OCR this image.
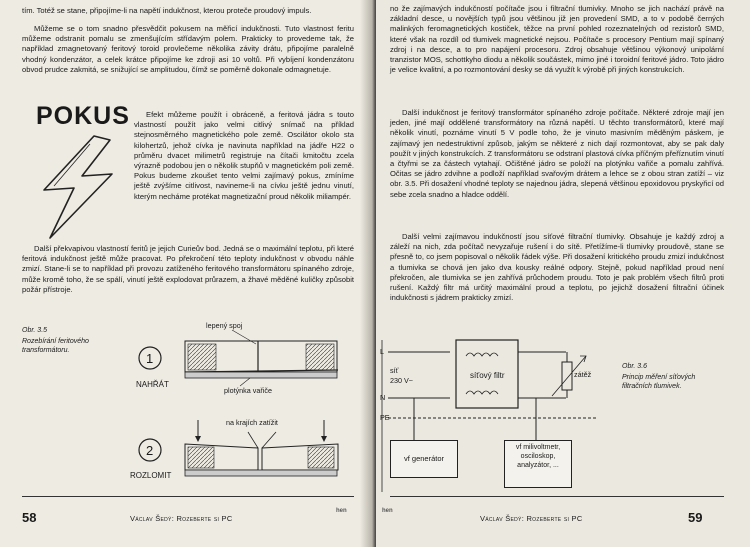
tím. Totéž se stane, připojíme-li na napětí indukčnost, kterou proteče proudový impuls.

Můžeme se o tom snadno přesvědčit pokusem na měřicí indukčnosti. Tuto vlastnost feritu můžeme odstranit pomalu se zmenšujícím střídavým polem. Prakticky to provedeme tak, že například zmagnetovaný feritový toroid provlečeme několika závity drátu, připojíme paralelně vhodný kondenzátor, a celek krátce připojíme ke zdroji asi 10 voltů. Při vybíjení kondenzátoru obvod prudce zakmitá, se snižující se amplitudou, čímž se poměrně dokonale odmagnetuje.

POKUS	Efekt můžeme použít i obráceně, a feritová jádra s touto vlastností použít jako velmi citlivý snímač na příklad stejnosměrného magnetického pole země. Oscilátor okolo sta kilohertzů, jehož cívka je navinuta například na jádře H22 o průměru dvacet milimetrů registruje na čítači kmitočtu zcela výrazně podobou jen o několik stupňů v magnetickém poli země. Pokus budeme zkoušet tento velmi zajímavý pokus, zmíníme ještě zvýšíme citlivost, navineme-li na cívku ještě jednu vinutí, kterým necháme protékat magnetizační proud několik miliampér.

Další překvapivou vlastností feritů je jejich Curieův bod. Jedná se o maximální teplotu, při které feritová indukčnost ještě může pracovat. Po překročení této teploty indukčnost v obvodu náhle zmizí. Stane-li se to například při provozu zatíženého feritového transformátoru spínaného zdroje, může kromě toho, že se spálí, vinutí ještě explodovat průrazem, a žhavé měděné kuličky způsobit požár přístroje.

Obr. 3.5
Rozebírání feritového transformátoru.
lepený spoj
plotýnka vařiče
na krajích zatížit
1
NAHŘÁT
2
ROZLOMIT
58	Václav Šedý: Rozeberte si PC
hen

no že zajímavých indukčností počítače jsou i filtrační tlumivky. Mnoho se jich nachází právě na základní desce, u novějších typů jsou většinou již jen provedení SMD, a to v podobě černých malinkých feromagnetických kostiček, těžce na první pohled rozeznatelných od rezistorů SMD, které však na rozdíl od tlumivek magnetické nejsou. Počítače s procesory Pentium mají spínaný zdroj i na desce, a to pro napájení procesoru. Zdroj obsahuje většinou výkonový unipolární tranzistor MOS, schottkyho diodu a několik součástek, mimo jiné i toroidní feritové jádro. Toto jádro je velice kvalitní, a po rozmontování desky se dá využít k výrobě při jiných konstrukcích.

Další indukčnost je feritový transformátor spínaného zdroje počítače. Některé zdroje mají jen jeden, jiné mají oddělené transformátory na různá napětí. U těchto transformátorů, které mají několik vinutí, poznáme vinutí 5 V podle toho, že je vinuto masivním měděným páskem, je zajímavý jen nedestruktivní způsob, jakým se některé z nich dají rozmontovat, aby se pak daly použít v jiných konstrukcích. Z transformátoru se odstraní plastová cívka příčným přeříznutím vinutí a čtyřmi se za částech vytahají. Očištěné jádro se položí na plotýnku vařiče a pomalu zahřívá. Očitas se jádro zdvihne a podloží například svařovým drátem a lehce se z obou stran zatíží – viz obr. 3.5. Při dosažení vhodné teploty se najednou jádra, slepená většinou epoxidovou pryskyřicí od sebe zcela snadno a hladce oddělí.

Další velmi zajímavou indukčností jsou síťové filtrační tlumivky. Obsahuje je každý zdroj a záleží na nich, zda počítač nevyzařuje rušení i do sítě. Přetížíme-li tlumivky proudově, stane se přesně to, co jsem popisoval o několik řádek výše. Při dosažení kritického proudu zmizí indukčnost a tlumivka se chová jen jako dva kousky reálné odpory. Stejně, pokud například proud není překročen, ale tlumivka se jen zahřívá průchodem proudu. Toto je pak problém všech filtrů proti rušení. Každý filtr má určitý maximální proud a teplotu, po jejichž dosažení filtrační účinek indukčnosti s jádrem prakticky zmizí.

L
N
PE
síť
230 V~
síťový filtr	zátěž
vf generátor
vf milivoltmetr, osciloskop, analyzátor, ...
Obr. 3.6
Princip měření síťových filtračních tlumivek.
hen
Václav Šedý: Rozeberte si PC	59
